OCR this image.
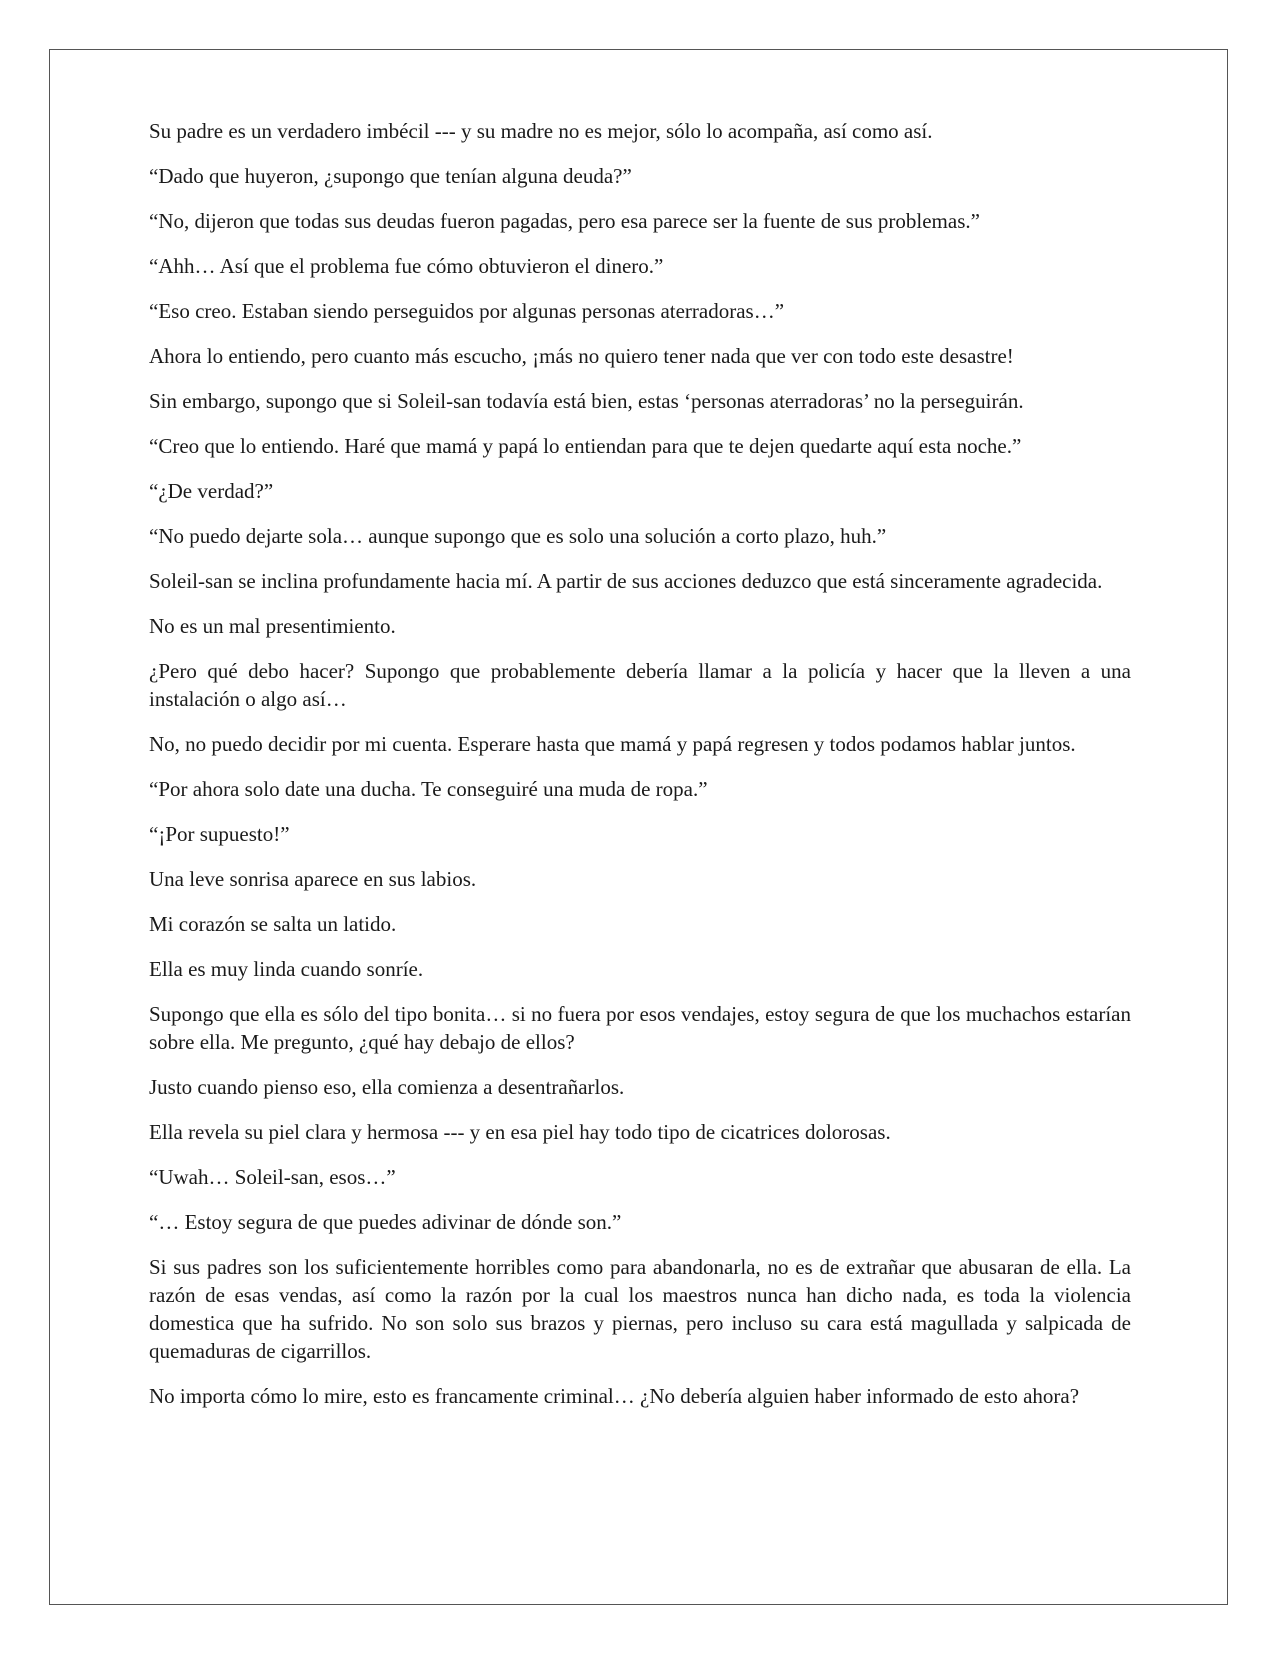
Su padre es un verdadero imbécil --- y su madre no es mejor, sólo lo acompaña, así como así.

“Dado que huyeron, ¿supongo que tenían alguna deuda?”

“No, dijeron que todas sus deudas fueron pagadas, pero esa parece ser la fuente de sus problemas.”

“Ahh… Así que el problema fue cómo obtuvieron el dinero.”

“Eso creo. Estaban siendo perseguidos por algunas personas aterradoras…”

Ahora lo entiendo, pero cuanto más escucho, ¡más no quiero tener nada que ver con todo este desastre!

Sin embargo, supongo que si Soleil-san todavía está bien, estas ‘personas aterradoras’ no la perseguirán.

“Creo que lo entiendo. Haré que mamá y papá lo entiendan para que te dejen quedarte aquí esta noche.”

“¿De verdad?”

“No puedo dejarte sola… aunque supongo que es solo una solución a corto plazo, huh.”

Soleil-san se inclina profundamente hacia mí. A partir de sus acciones deduzco que está sinceramente agradecida.

No es un mal presentimiento.

¿Pero qué debo hacer? Supongo que probablemente debería llamar a la policía y hacer que la lleven a una instalación o algo así…

No, no puedo decidir por mi cuenta. Esperare hasta que mamá y papá regresen y todos podamos hablar juntos.

“Por ahora solo date una ducha. Te conseguiré una muda de ropa.”

“¡Por supuesto!”

Una leve sonrisa aparece en sus labios.

Mi corazón se salta un latido.

Ella es muy linda cuando sonríe.

Supongo que ella es sólo del tipo bonita… si no fuera por esos vendajes, estoy segura de que los muchachos estarían sobre ella. Me pregunto, ¿qué hay debajo de ellos?

Justo cuando pienso eso, ella comienza a desentrañarlos.

Ella revela su piel clara y hermosa --- y en esa piel hay todo tipo de cicatrices dolorosas.

“Uwah… Soleil-san, esos…”

“… Estoy segura de que puedes adivinar de dónde son.”

Si sus padres son los suficientemente horribles como para abandonarla, no es de extrañar que abusaran de ella. La razón de esas vendas, así como la razón por la cual los maestros nunca han dicho nada, es toda la violencia domestica que ha sufrido. No son solo sus brazos y piernas, pero incluso su cara está magullada y salpicada de quemaduras de cigarrillos.

No importa cómo lo mire, esto es francamente criminal… ¿No debería alguien haber informado de esto ahora?
